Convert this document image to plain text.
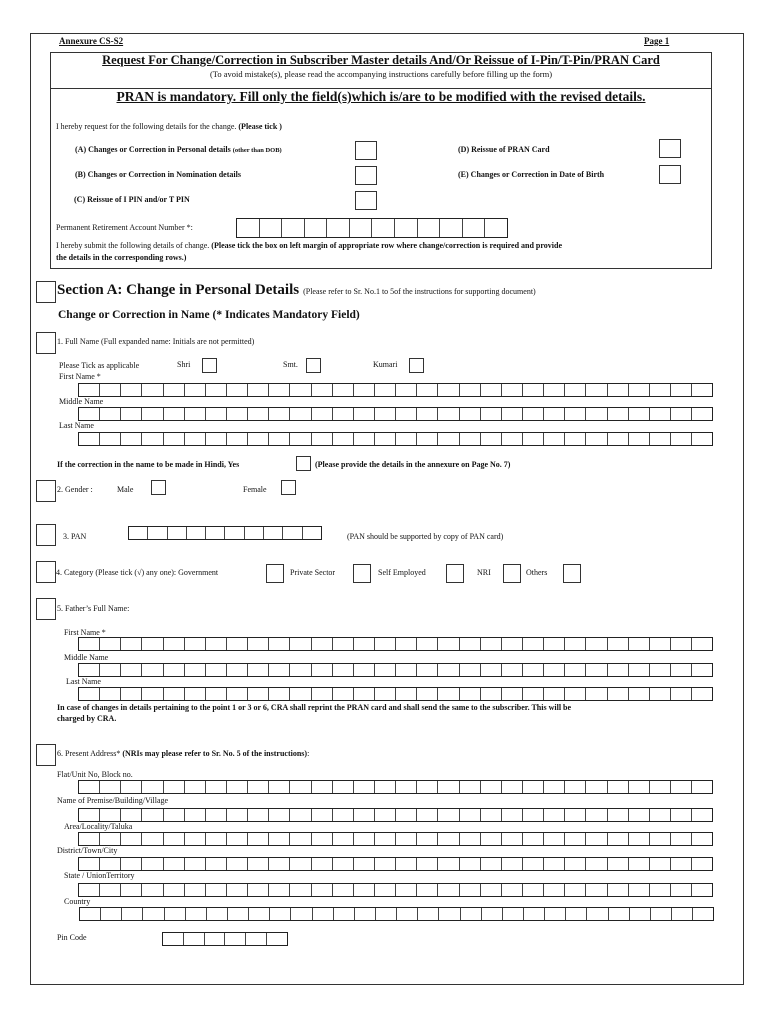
Annexure CS-S2	Page 1
Request For Change/Correction in Subscriber Master details And/Or Reissue of I-Pin/T-Pin/PRAN Card
(To avoid mistake(s), please read the accompanying instructions carefully before filling up the form)
PRAN is mandatory. Fill only the field(s)which is/are to be modified with the revised details.
I hereby request for the following details for the change. (Please tick )
(A) Changes or Correction in Personal details (other than DOB)
(B) Changes or Correction in Nomination details
(C) Reissue of I PIN and/or T PIN
(D) Reissue of PRAN Card
(E) Changes or Correction in Date of Birth
Permanent Retirement Account Number *:
I hereby submit the following details of change. (Please tick the box on left margin of appropriate row where change/correction is required and provide
the details in the corresponding rows.)
Section A: Change in Personal Details (Please refer to Sr. No.1 to 5of the instructions for supporting document)
Change or Correction in Name (* Indicates Mandatory Field)
1. Full Name (Full expanded name: Initials are not permitted)
Please Tick as applicable	Shri	Smt.	Kumari
First Name *
Middle Name
Last Name
If the correction in the name to be made in Hindi, Yes	(Please provide the details in the annexure on Page No. 7)
2. Gender :	Male	Female
3. PAN	(PAN should be supported by copy of PAN card)
4. Category (Please tick (√) any one): Government	Private Sector	Self Employed	NRI	Others
5. Father’s Full Name:
First Name *
Middle Name
Last Name
In case of changes in details pertaining to the point 1 or 3 or 6, CRA shall reprint the PRAN card and shall send the same to the subscriber. This will be
charged by CRA.
6. Present Address* (NRIs may please refer to Sr. No. 5 of the instructions):
Flat/Unit No, Block no.
Name of Premise/Building/Village
Area/Locality/Taluka
District/Town/City
State / UnionTerritory
Country
Pin Code
